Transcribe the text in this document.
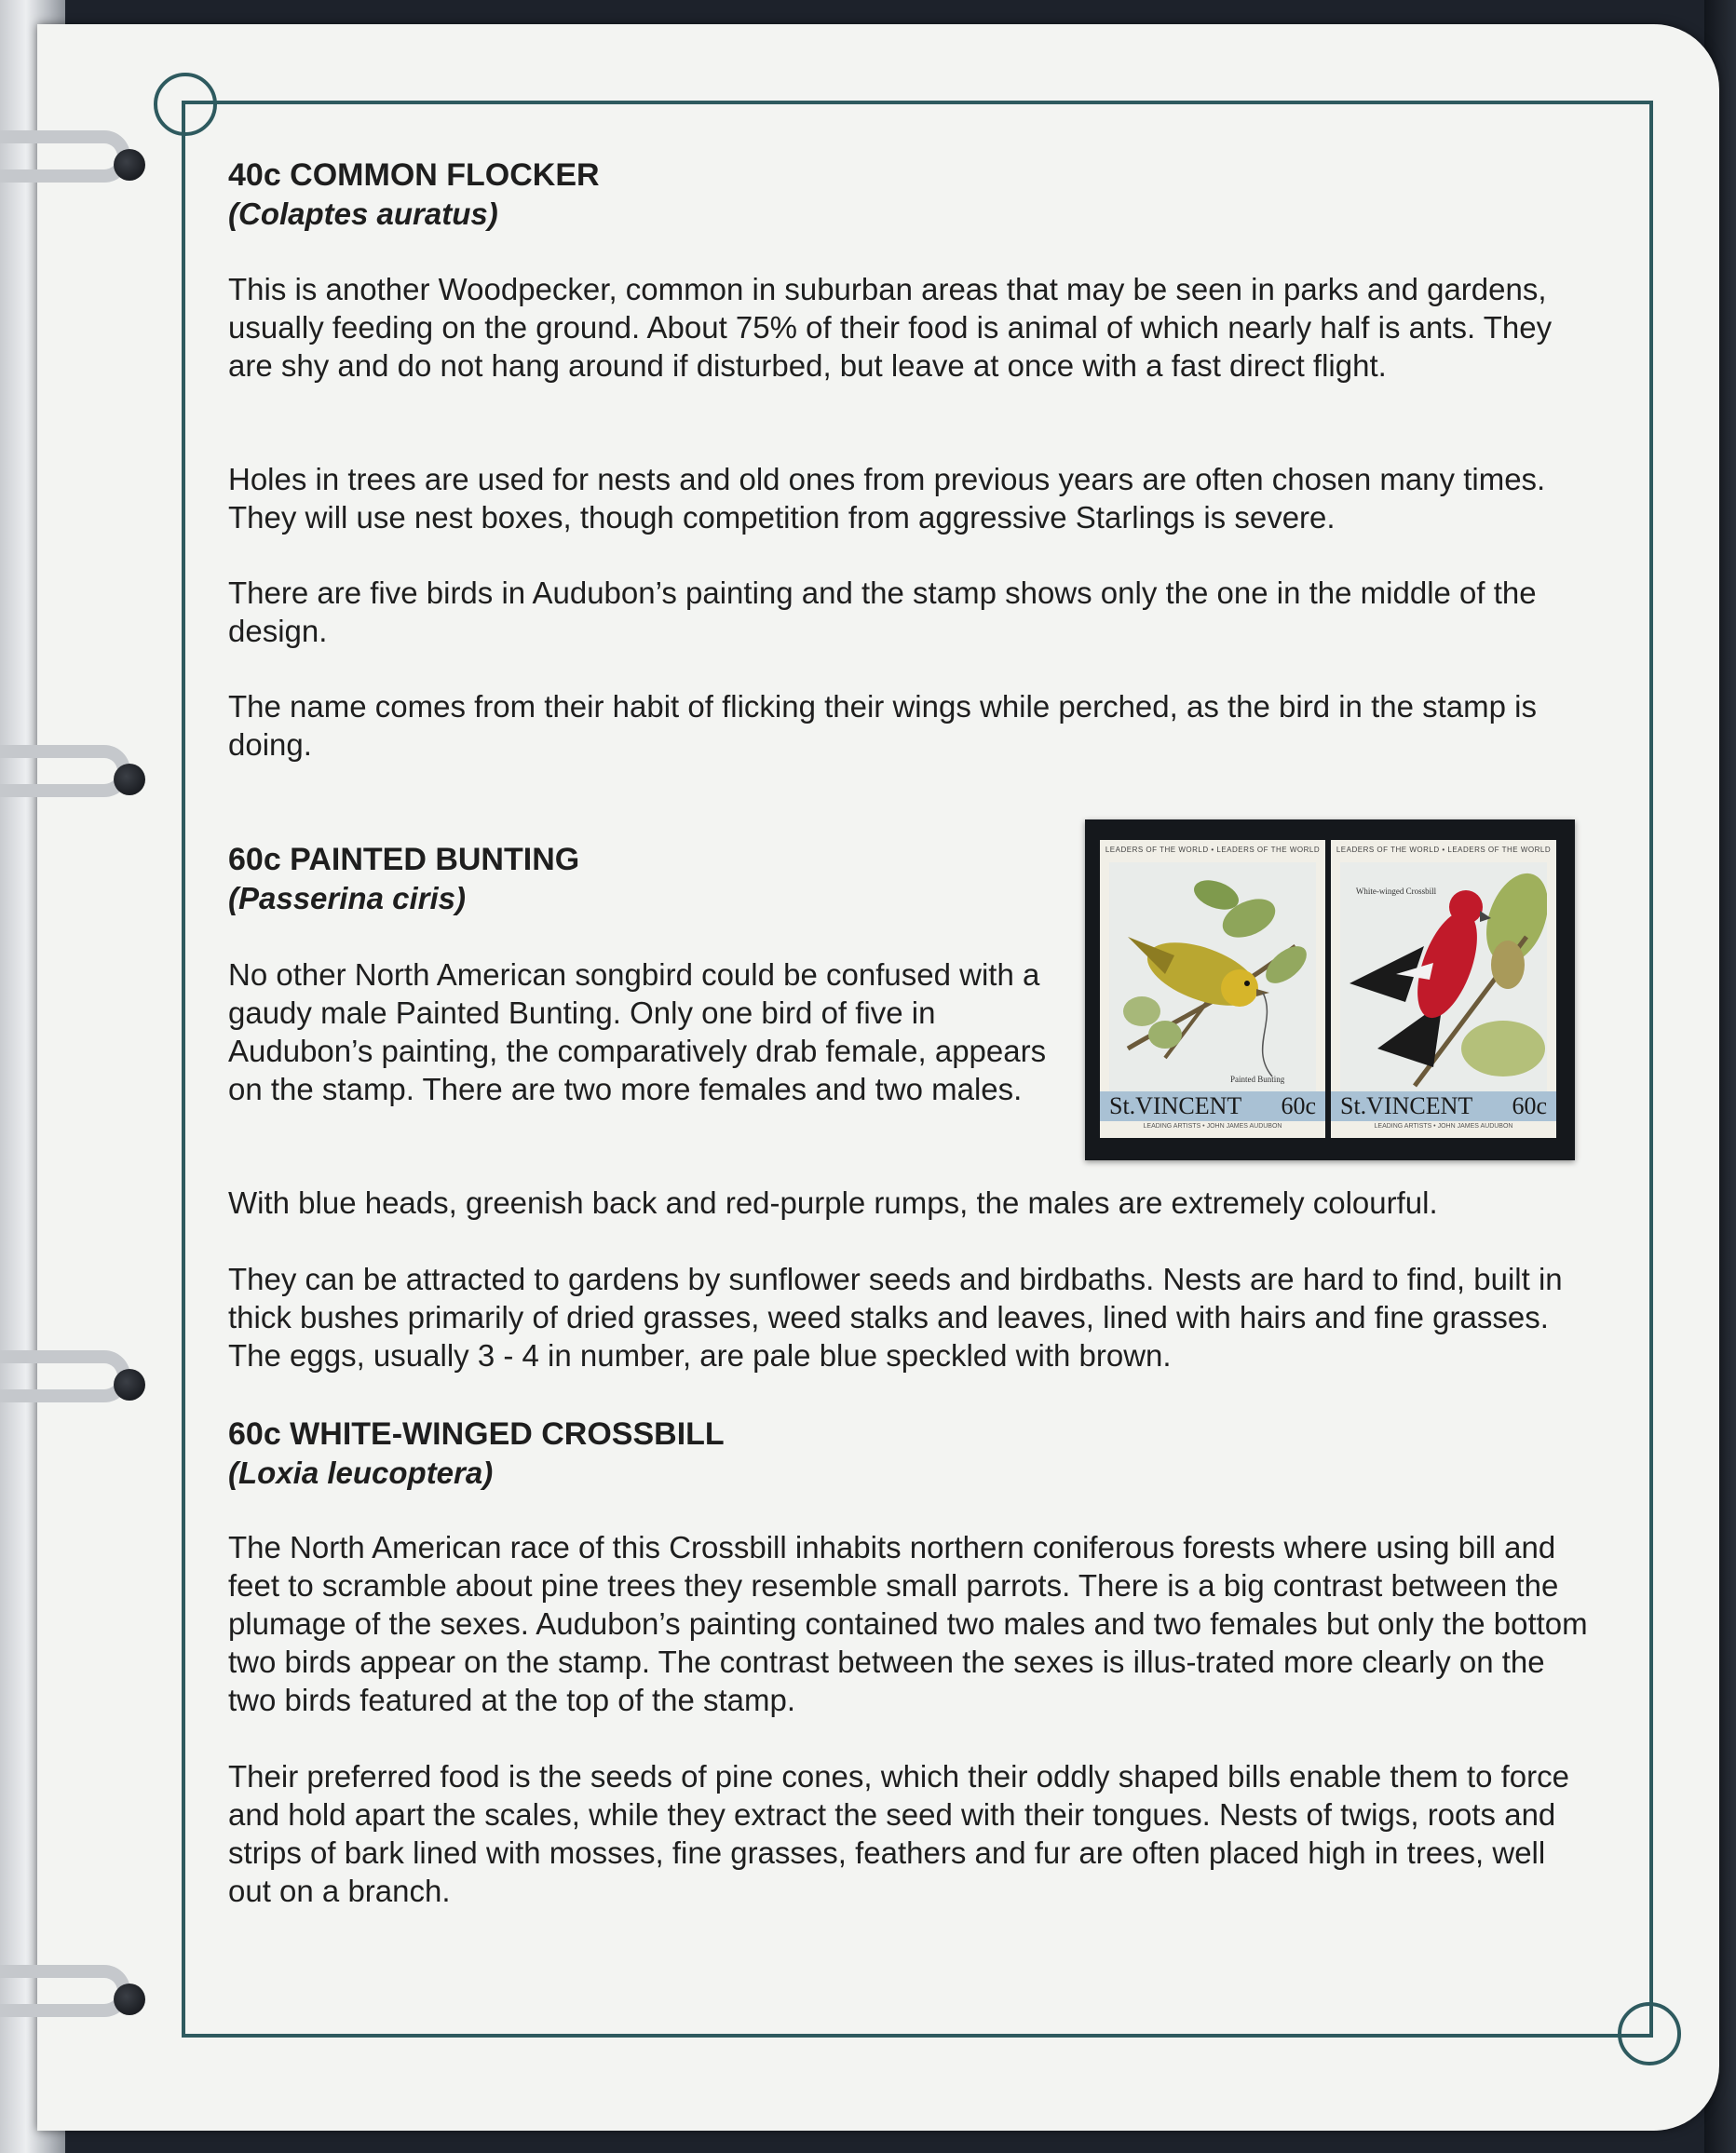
40c COMMON FLOCKER

(Colaptes auratus)

This is another Woodpecker, common in suburban areas that may be seen in parks and gardens, usually feeding on the ground. About 75% of their food is animal of which nearly half is ants. They are shy and do not hang around if disturbed, but leave at once with a fast direct flight.

Holes in trees are used for nests and old ones from previous years are often chosen many times. They will use nest boxes, though competition from aggressive Starlings is severe.

There are five birds in Audubon’s painting and the stamp shows only the one in the middle of the design.

The name comes from their habit of flicking their wings while perched, as the bird in the stamp is doing.

60c PAINTED BUNTING

(Passerina ciris)

No other North American songbird could be confused with a gaudy male Painted Bunting. Only one bird of five in Audubon’s painting, the comparatively drab female, appears on the stamp. There are two more females and two males.

With blue heads, greenish back and red-purple rumps, the males are extremely colourful.

They can be attracted to gardens by sunflower seeds and birdbaths. Nests are hard to find, built in thick bushes primarily of dried grasses, weed stalks and leaves, lined with hairs and fine grasses. The eggs, usually 3 - 4 in number, are pale blue speckled with brown.

60c WHITE-WINGED CROSSBILL

(Loxia leucoptera)

The North American race of this Crossbill inhabits northern coniferous forests where using bill and feet to scramble about pine trees they resemble small parrots. There is a big contrast between the plumage of the sexes. Audubon’s painting contained two males and two females but only the bottom two birds appear on the stamp. The contrast between the sexes is illus-trated more clearly on the two birds featured at the top of the stamp.

Their preferred food is the seeds of pine cones, which their oddly shaped bills enable them to force and hold apart the scales, while they extract the seed with their tongues. Nests of twigs, roots and strips of bark lined with mosses, fine grasses, feathers and fur are often placed high in trees, well out on a branch.

LEADERS OF THE WORLD • LEADERS OF THE WORLD
Painted Bunting
St.VINCENT 60c
LEADING ARTISTS • JOHN JAMES AUDUBON
LEADERS OF THE WORLD • LEADERS OF THE WORLD
White-winged Crossbill
St.VINCENT 60c
LEADING ARTISTS • JOHN JAMES AUDUBON
